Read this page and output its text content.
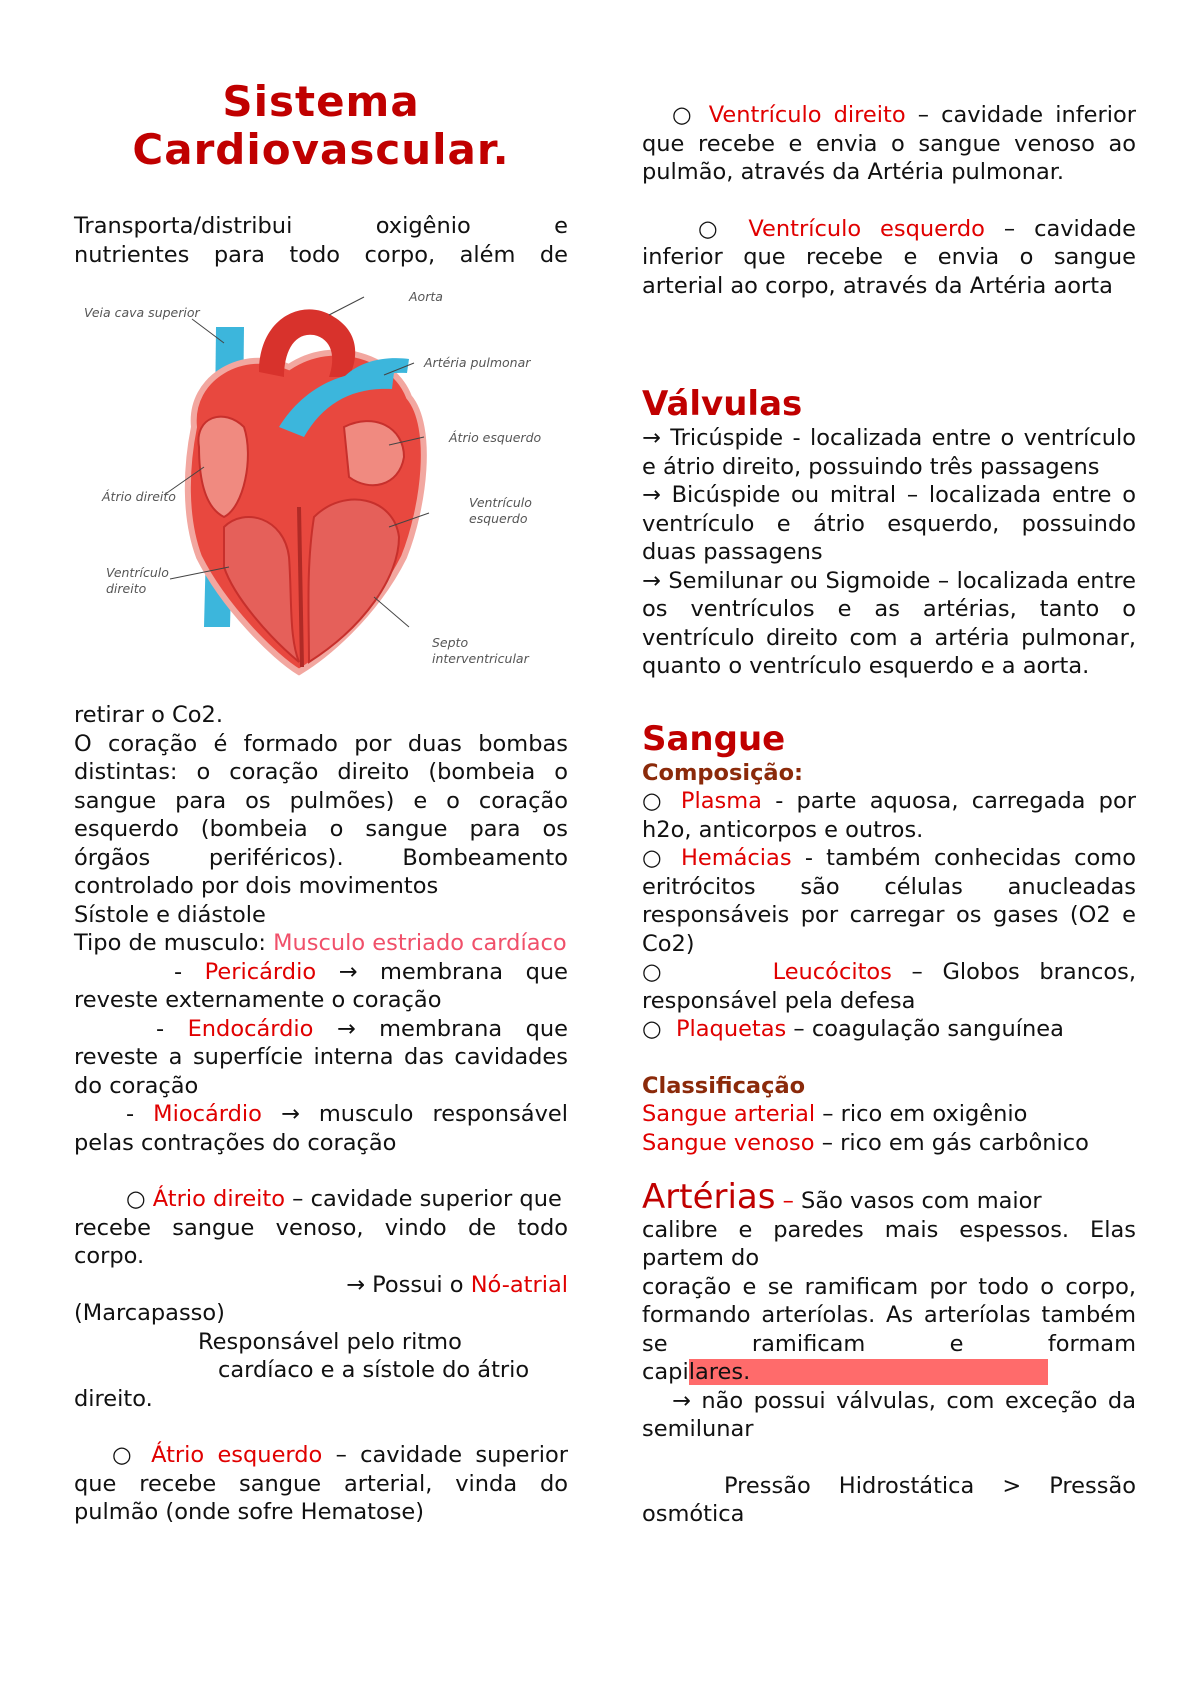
Sistema
Cardiovascular.
Transporta/distribui	oxigênio	e
nutrientes para todo corpo, além de
Aorta
Veia cava superior
Artéria pulmonar
Átrio esquerdo
Átrio direito	Ventrículo
esquerdo
Ventrículo
direito
Septo
interventricular
retirar o Co2.

O coração é formado por duas bombas distintas: o coração direito (bombeia o sangue para os pulmões) e o coração esquerdo (bombeia o sangue para os órgãos periféricos). Bombeamento controlado por dois movimentos

Sístole e diástole

Tipo de musculo: Musculo estriado cardíaco

- Pericárdio → membrana que reveste externamente o coração

- Endocárdio → membrana que reveste a superfície interna das cavidades do coração

- Miocárdio → musculo responsável pelas contrações do coração

○ Átrio direito – cavidade superior que

recebe sangue venoso, vindo de todo corpo.

→ Possui o Nó-atrial

(Marcapasso)
Responsável pelo ritmo
cardíaco e a sístole do átrio
direito.

○ Átrio esquerdo – cavidade superior que recebe sangue arterial, vinda do pulmão (onde sofre Hematose)

○ Ventrículo direito – cavidade inferior que recebe e envia o sangue venoso ao pulmão, através da Artéria pulmonar.

○ Ventrículo esquerdo – cavidade inferior que recebe e envia o sangue arterial ao corpo, através da Artéria aorta

Válvulas

→ Tricúspide - localizada entre o ventrículo e átrio direito, possuindo três passagens

→ Bicúspide ou mitral – localizada entre o ventrículo e átrio esquerdo, possuindo duas passagens

→ Semilunar ou Sigmoide – localizada entre os ventrículos e as artérias, tanto o ventrículo direito com a artéria pulmonar, quanto o ventrículo esquerdo e a aorta.

Sangue
Composição:

○ Plasma - parte aquosa, carregada por h2o, anticorpos e outros.

○ Hemácias - também conhecidas como eritrócitos são células anucleadas responsáveis por carregar os gases (O2 e Co2)

○     Leucócitos – Globos brancos, responsável pela defesa

○  Plaquetas – coagulação sanguínea

Classificação
Sangue arterial – rico em oxigênio
Sangue venoso – rico em gás carbônico
Artérias – São vasos com maior

calibre e paredes mais espessos. Elas partem do

coração e se ramificam por todo o corpo, formando arteríolas. As arteríolas também se ramificam e formam capilares.

→ não possui válvulas, com exceção da semilunar

Pressão Hidrostática > Pressão osmótica
